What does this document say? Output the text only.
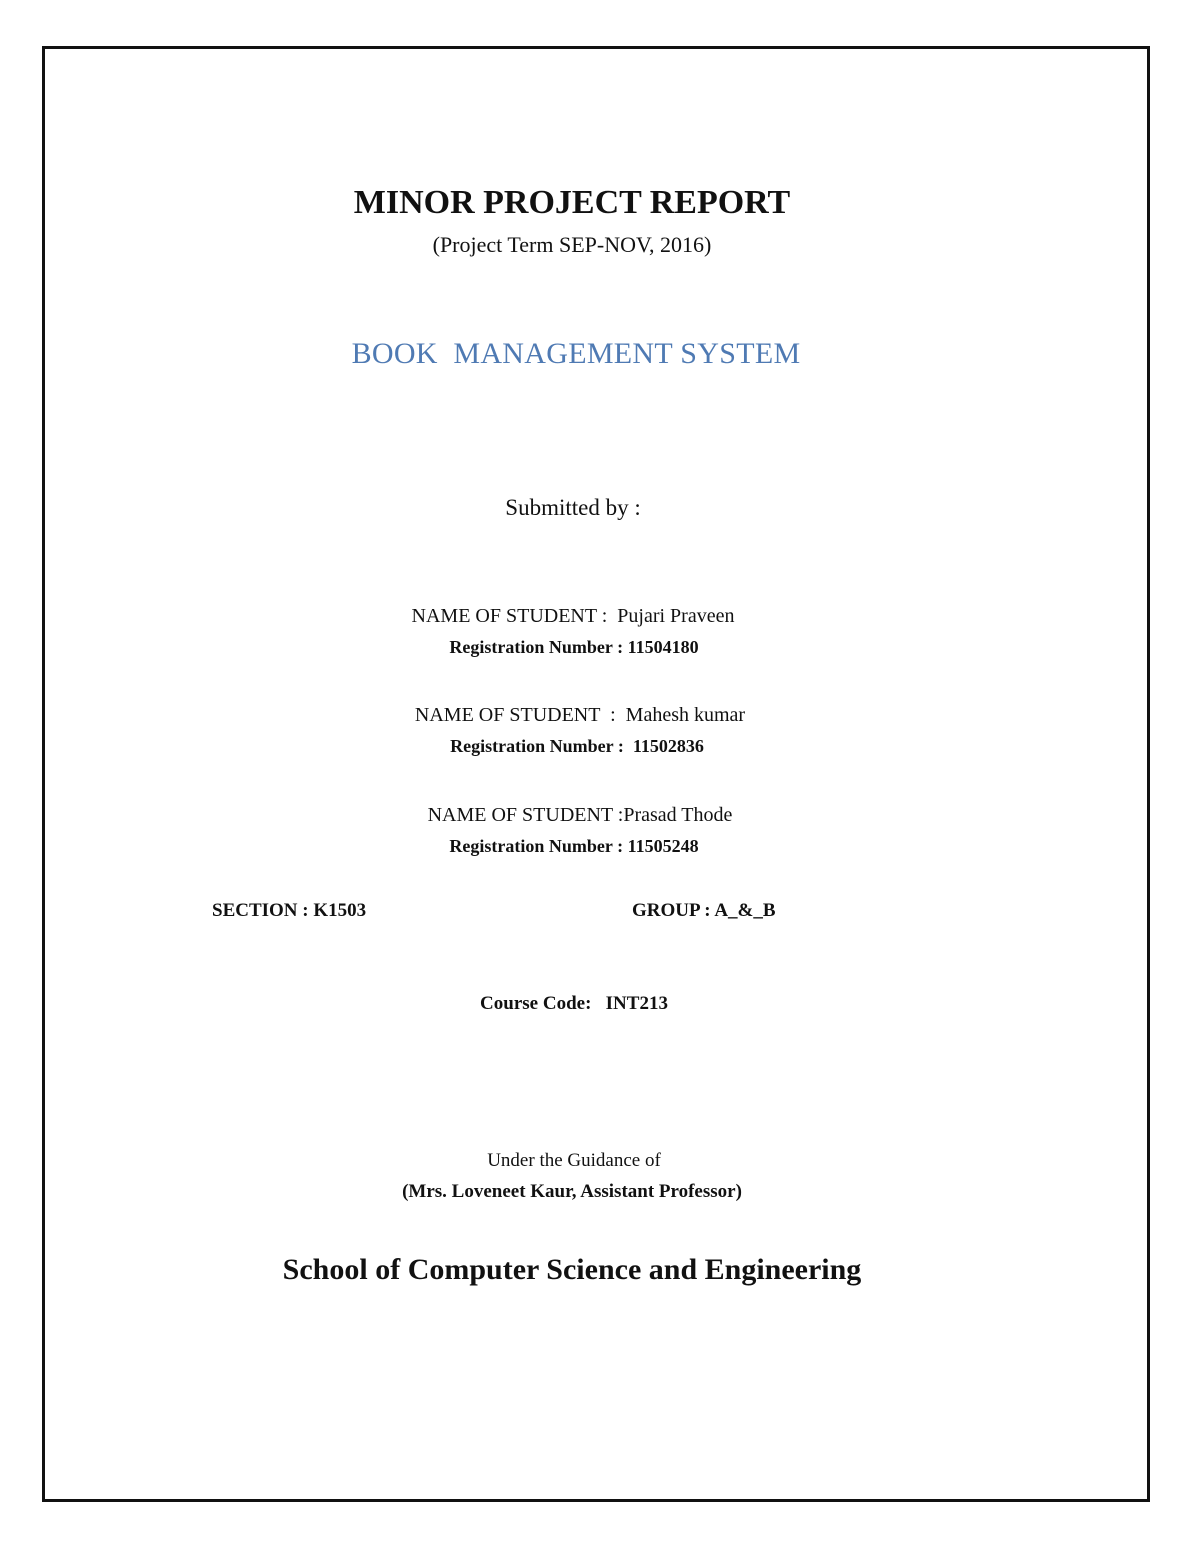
MINOR PROJECT REPORT
(Project Term SEP-NOV, 2016)
BOOK  MANAGEMENT SYSTEM
Submitted by :
NAME OF STUDENT :  Pujari Praveen
Registration Number : 11504180
NAME OF STUDENT  :  Mahesh kumar
Registration Number :  11502836
NAME OF STUDENT :Prasad Thode
Registration Number : 11505248
SECTION : K1503	GROUP : A_&_B
Course Code:   INT213
Under the Guidance of
(Mrs. Loveneet Kaur, Assistant Professor)
School of Computer Science and Engineering
